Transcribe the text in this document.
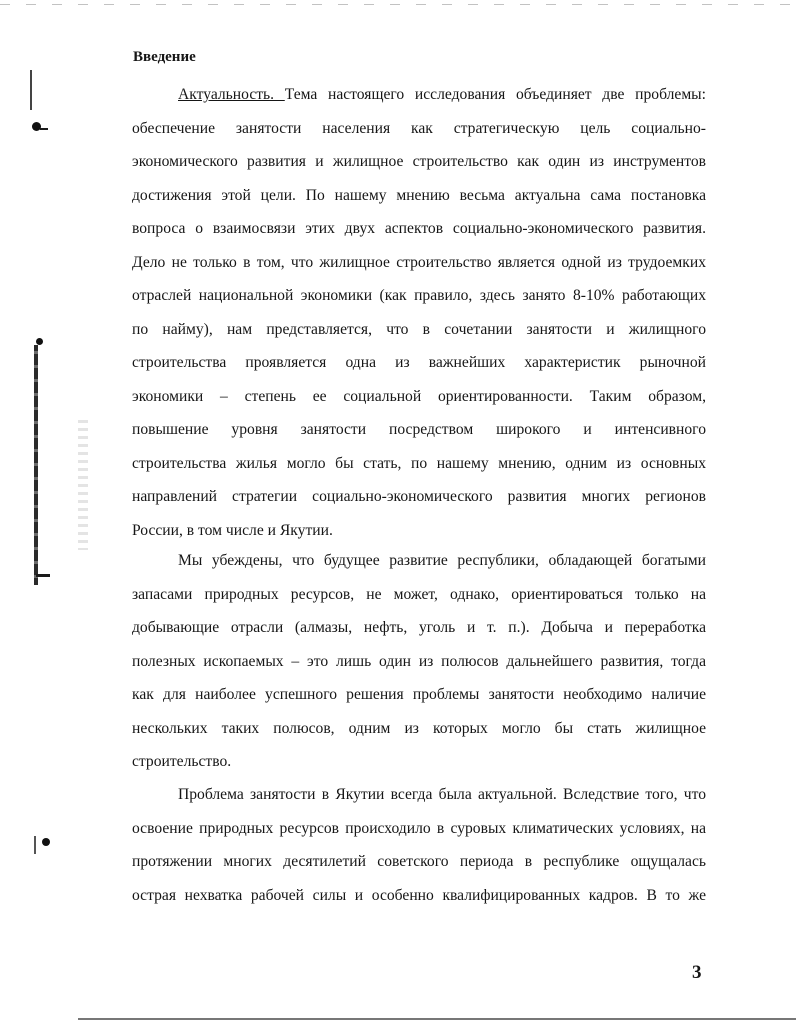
Введение

Актуальность. Тема настоящего исследования объединяет две проблемы:
обеспечение занятости населения как стратегическую цель социально-
экономического развития и жилищное строительство как один из инструментов
достижения этой цели. По нашему мнению весьма актуальна сама постановка
вопроса о взаимосвязи этих двух аспектов социально-экономического развития.
Дело не только в том, что жилищное строительство является одной из трудоемких
отраслей национальной экономики (как правило, здесь занято 8-10% работающих
по найму), нам представляется, что в сочетании занятости и жилищного
строительства проявляется одна из важнейших характеристик рыночной
экономики – степень ее социальной ориентированности. Таким образом,
повышение уровня занятости посредством широкого и интенсивного
строительства жилья могло бы стать, по нашему мнению, одним из основных
направлений стратегии социально-экономического развития многих регионов
России, в том числе и Якутии.
Мы убеждены, что будущее развитие республики, обладающей богатыми
запасами природных ресурсов, не может, однако, ориентироваться только на
добывающие отрасли (алмазы, нефть, уголь и т. п.). Добыча и переработка
полезных ископаемых – это лишь один из полюсов дальнейшего развития, тогда
как для наиболее успешного решения проблемы занятости необходимо наличие
нескольких таких полюсов, одним из которых могло бы стать жилищное
строительство.
Проблема занятости в Якутии всегда была актуальной. Вследствие того, что
освоение природных ресурсов происходило в суровых климатических условиях, на
протяжении многих десятилетий советского периода в республике ощущалась
острая нехватка рабочей силы и особенно квалифицированных кадров. В то же

3
